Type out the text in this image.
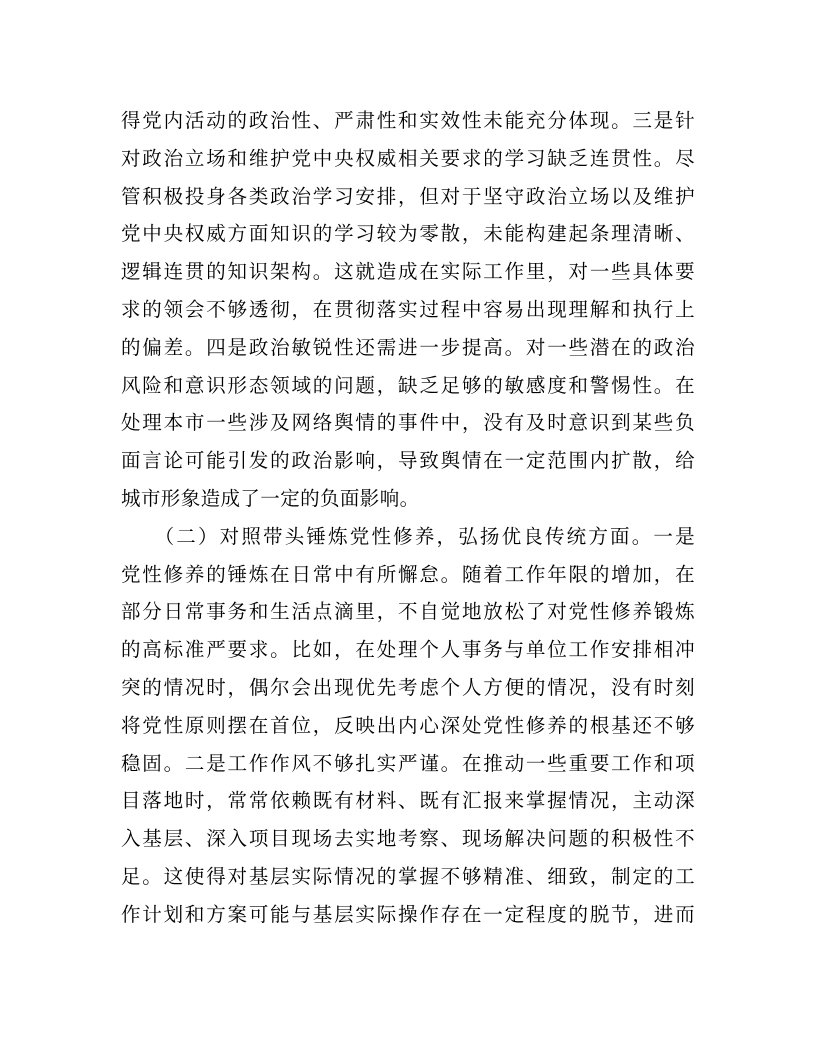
得党内活动的政治性、严肃性和实效性未能充分体现。三是针
对政治立场和维护党中央权威相关要求的学习缺乏连贯性。尽
管积极投身各类政治学习安排，但对于坚守政治立场以及维护
党中央权威方面知识的学习较为零散，未能构建起条理清晰、
逻辑连贯的知识架构。这就造成在实际工作里，对一些具体要
求的领会不够透彻，在贯彻落实过程中容易出现理解和执行上
的偏差。四是政治敏锐性还需进一步提高。对一些潜在的政治
风险和意识形态领域的问题，缺乏足够的敏感度和警惕性。在
处理本市一些涉及网络舆情的事件中，没有及时意识到某些负
面言论可能引发的政治影响，导致舆情在一定范围内扩散，给
城市形象造成了一定的负面影响。
　　（二）对照带头锤炼党性修养，弘扬优良传统方面。一是
党性修养的锤炼在日常中有所懈怠。随着工作年限的增加，在
部分日常事务和生活点滴里，不自觉地放松了对党性修养锻炼
的高标准严要求。比如，在处理个人事务与单位工作安排相冲
突的情况时，偶尔会出现优先考虑个人方便的情况，没有时刻
将党性原则摆在首位，反映出内心深处党性修养的根基还不够
稳固。二是工作作风不够扎实严谨。在推动一些重要工作和项
目落地时，常常依赖既有材料、既有汇报来掌握情况，主动深
入基层、深入项目现场去实地考察、现场解决问题的积极性不
足。这使得对基层实际情况的掌握不够精准、细致，制定的工
作计划和方案可能与基层实际操作存在一定程度的脱节，进而
